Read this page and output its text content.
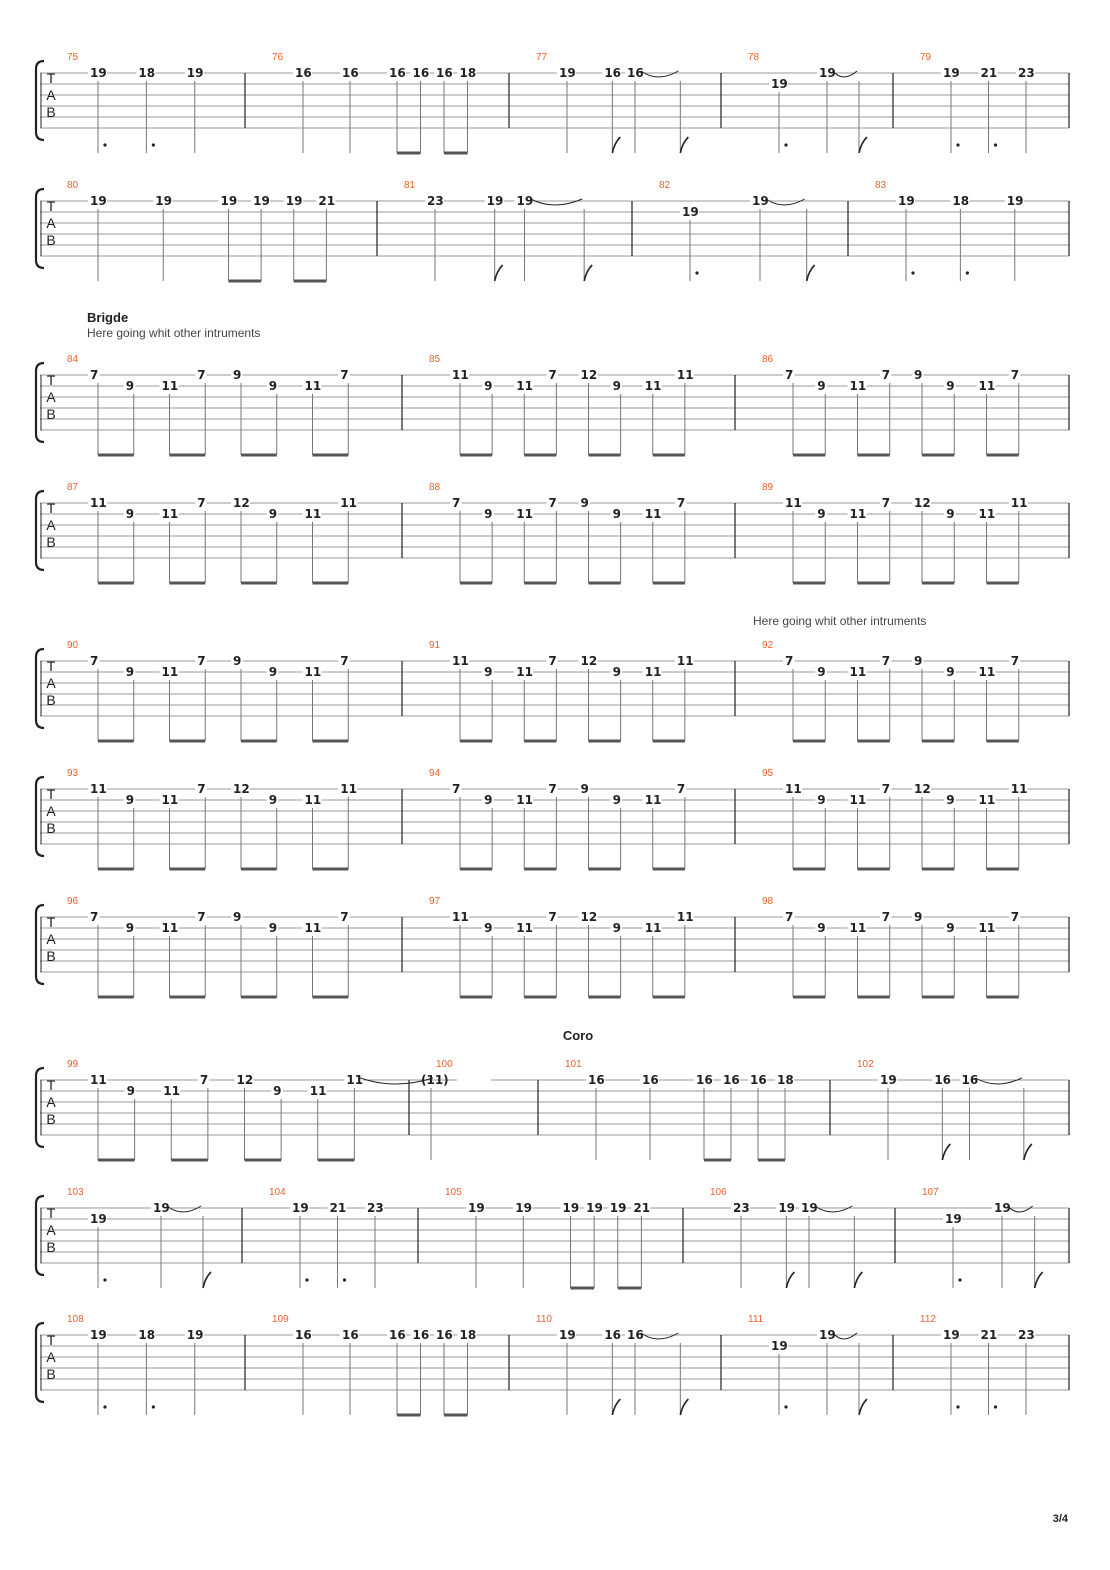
T
A
B
75
19	18	19
76
16	16	16 16 16 18
77
19 16 16
78
19
19
79
19 21 23
T
A
B
80
19	19	19 19 19 21
81
23	19 19
82
19
19
83
19	18	19
T
A
B
Brigde
Here going whit other intruments
84
7
9 11
7 9
9 11
7
85
11
9 11
7 12
9 11
11
86
7
9 11
7 9
9 11
7
T
A
B
87
11
9 11
7 12
9 11
11
88
7
9 11
7 9
9 11
7
89
11
9 11
7 12
9 11
11
T
A
B
Here going whit other intruments
90
7
9 11
7 9
9 11
7
91
11
9 11
7 12
9 11
11
92
7
9 11
7 9
9 11
7
T
A
B
93
11
9 11
7 12
9 11
11
94
7
9 11
7 9
9 11
7
95
11
9 11
7 12
9 11
11
T
A
B
96
7
9 11
7 9
9 11
7
97
11
9 11
7 12
9 11
11
98
7
9 11
7 9
9 11
7
T
A
B
Coro
99
11
9 11
7 12
9 11
11
100
(11)
101
16	16	16 16 16 18
102
19	16 16
T
A
B
103
19
19
104
19 21 23
105
19	19	19 19 19 21
106
23 19 19
107
19
19
T
A
B
108
19	18	19
109
16	16	16 16 16 18
110
19 16 16
111
19
19
112
19 21 23
3/4
